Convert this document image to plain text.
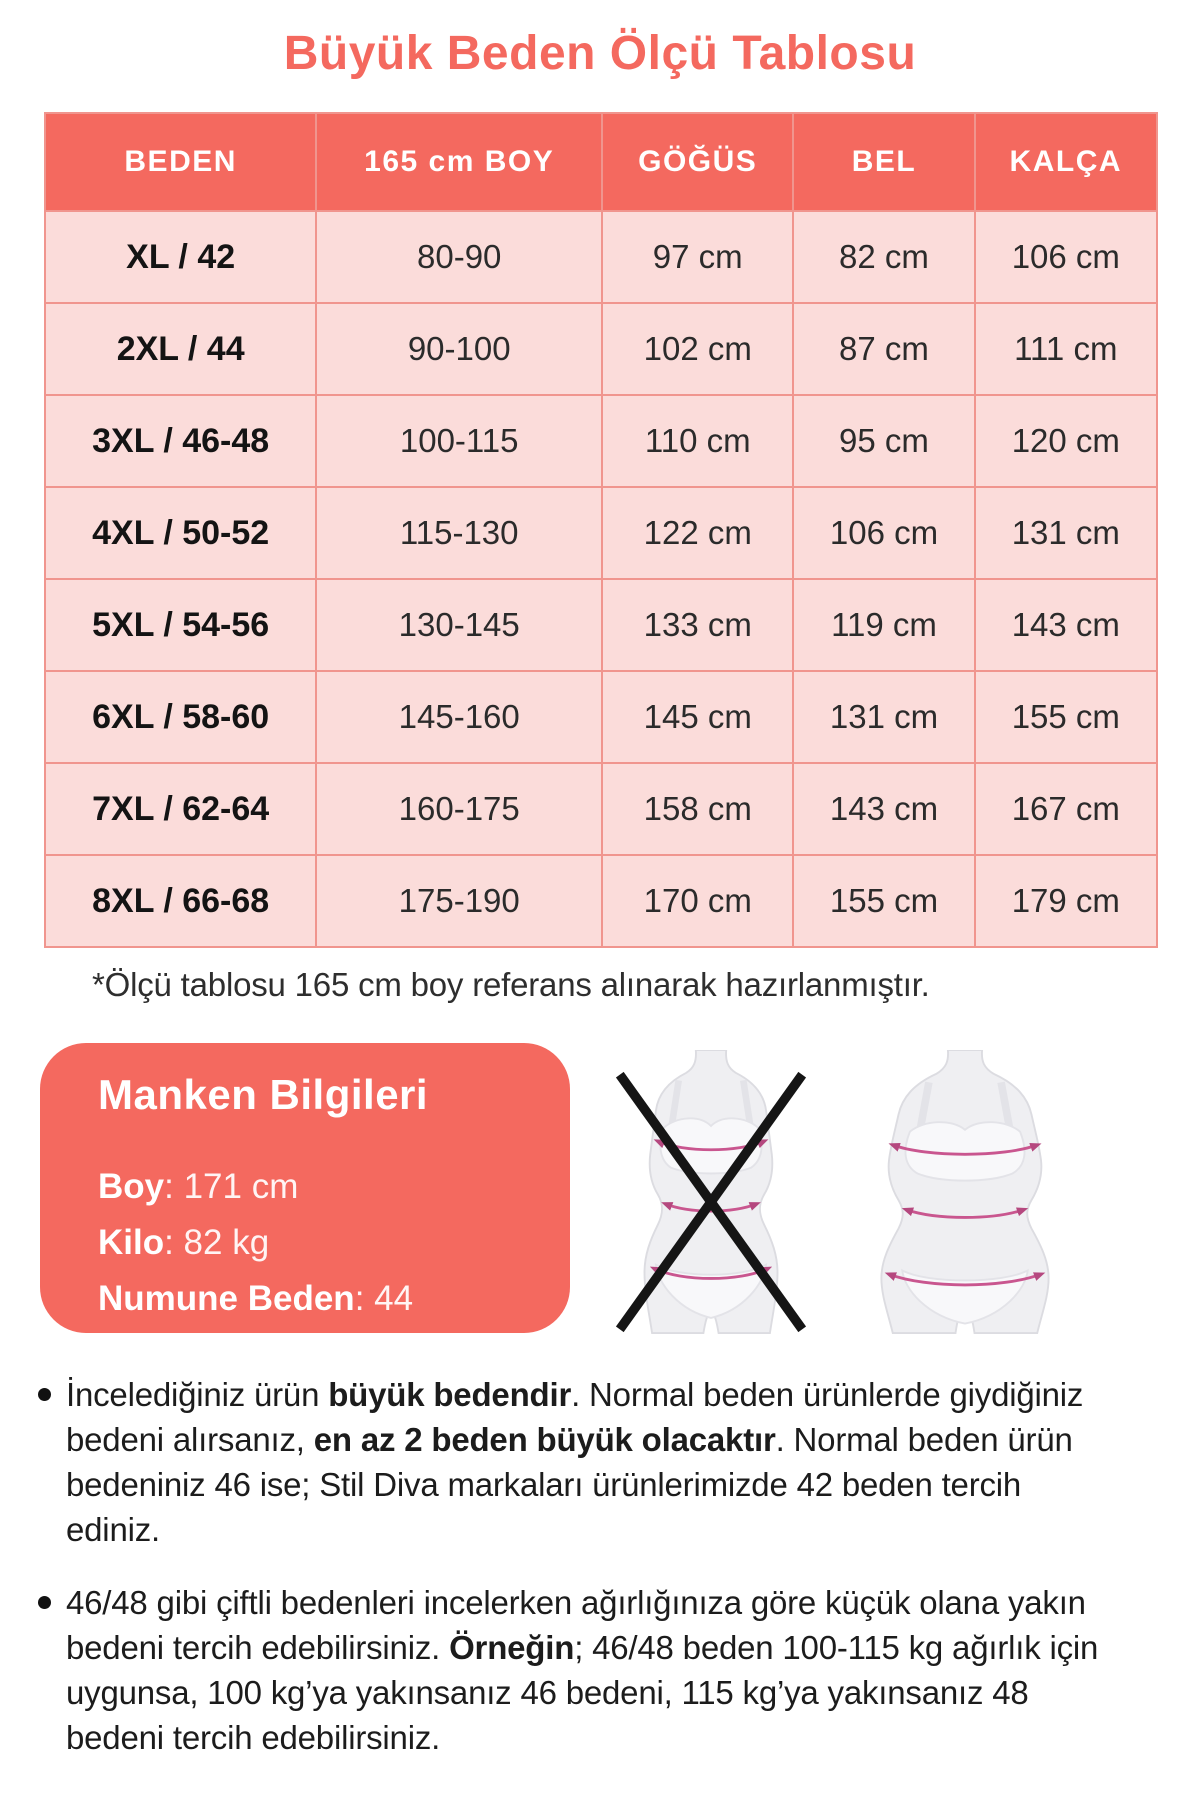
Büyük Beden Ölçü Tablosu
BEDEN	165 cm BOY	GÖĞÜS	BEL	KALÇA
XL / 42	80-90	97 cm	82 cm	106 cm
2XL / 44	90-100	102 cm	87 cm	111 cm
3XL / 46-48	100-115	110 cm	95 cm	120 cm
4XL / 50-52	115-130	122 cm	106 cm	131 cm
5XL / 54-56	130-145	133 cm	119 cm	143 cm
6XL / 58-60	145-160	145 cm	131 cm	155 cm
7XL / 62-64	160-175	158 cm	143 cm	167 cm
8XL / 66-68	175-190	170 cm	155 cm	179 cm
*Ölçü tablosu 165 cm boy referans alınarak hazırlanmıştır.
Manken Bilgileri
Boy: 171 cm
Kilo: 82 kg
Numune Beden: 44
İncelediğiniz ürün büyük bedendir. Normal beden ürünlerde giydiğiniz bedeni alırsanız, en az 2 beden büyük olacaktır. Normal beden ürün bedeniniz 46 ise; Stil Diva markaları ürünlerimizde 42 beden tercih ediniz.
46/48 gibi çiftli bedenleri incelerken ağırlığınıza göre küçük olana yakın bedeni tercih edebilirsiniz. Örneğin; 46/48 beden 100-115 kg ağırlık için uygunsa, 100 kg’ya yakınsanız 46 bedeni, 115 kg’ya yakınsanız 48 bedeni tercih edebilirsiniz.
